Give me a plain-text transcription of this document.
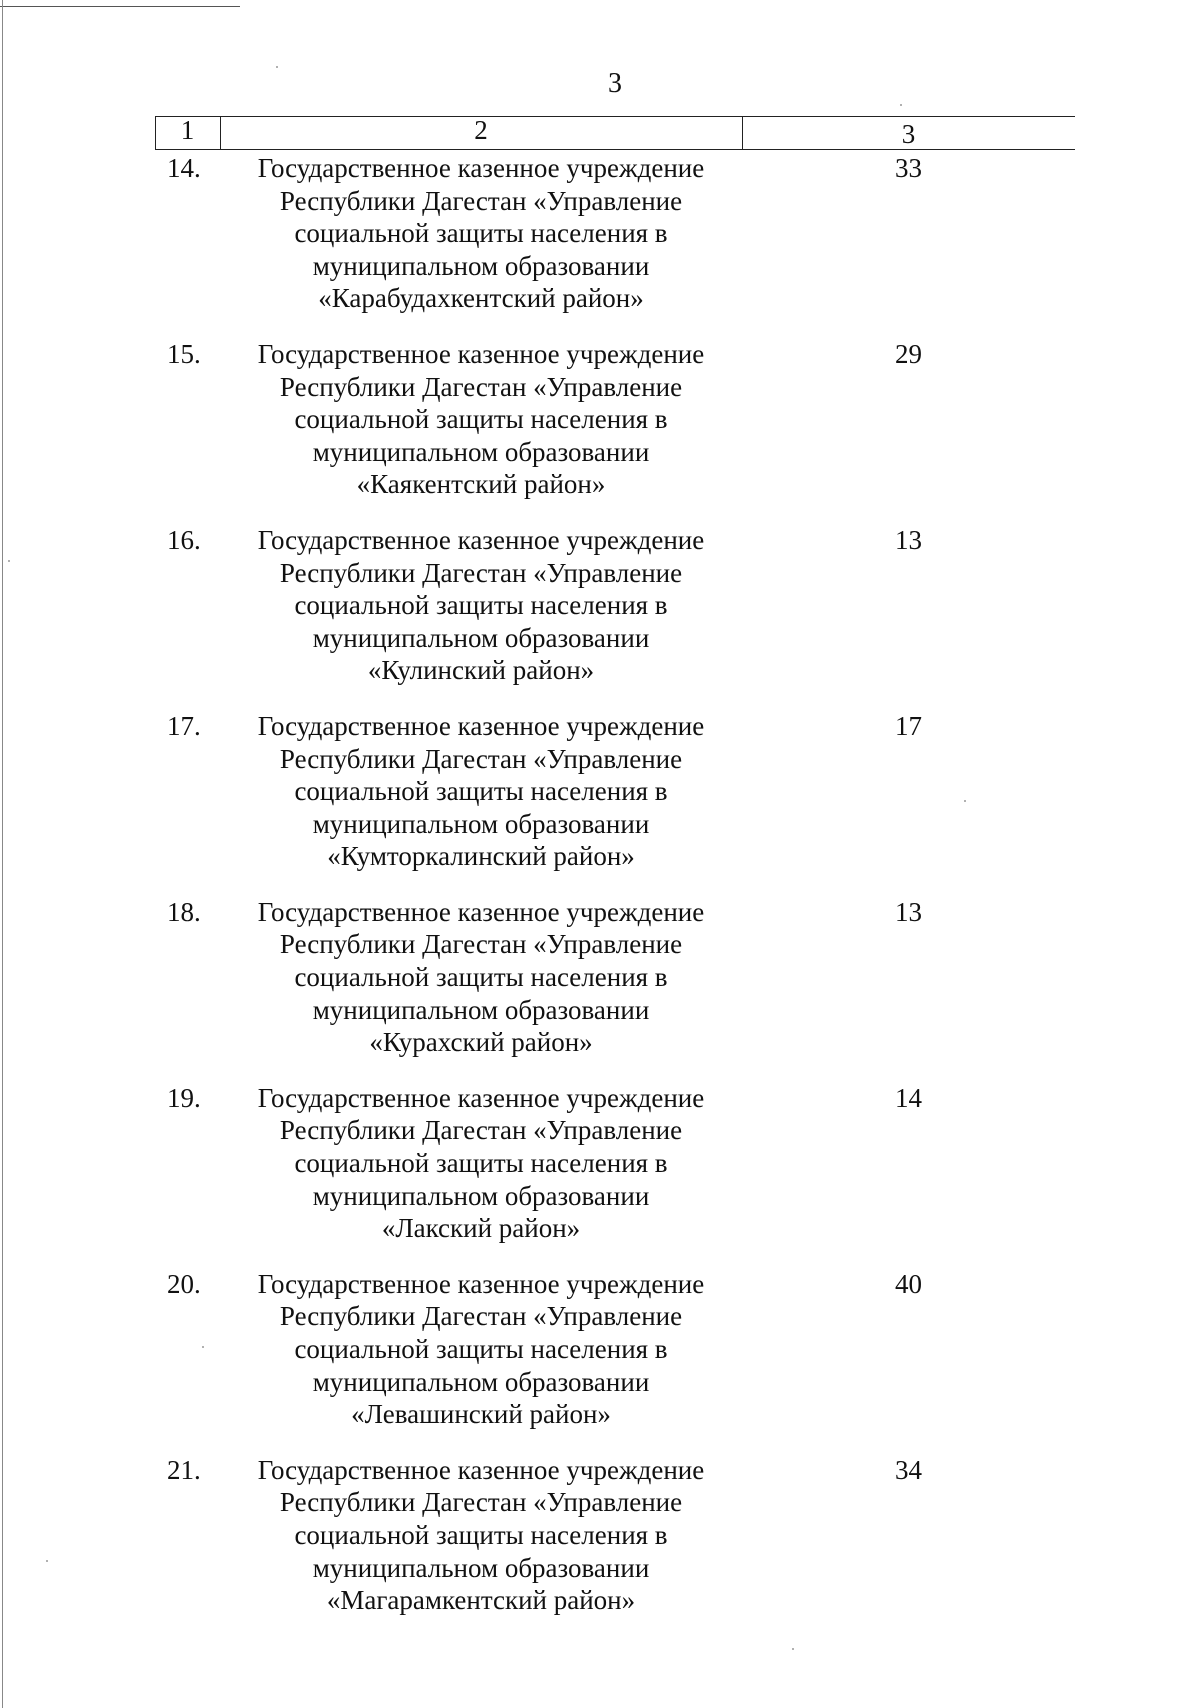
3
1	2	3
14.	Государственное казенное учреждение
Республики Дагестан «Управление
социальной защиты населения в
муниципальном образовании
«Карабудахкентский район»
33
15.	Государственное казенное учреждение
Республики Дагестан «Управление
социальной защиты населения в
муниципальном образовании
«Каякентский район»
29
16.	Государственное казенное учреждение
Республики Дагестан «Управление
социальной защиты населения в
муниципальном образовании
«Кулинский район»
13
17.	Государственное казенное учреждение
Республики Дагестан «Управление
социальной защиты населения в
муниципальном образовании
«Кумторкалинский район»
17
18.	Государственное казенное учреждение
Республики Дагестан «Управление
социальной защиты населения в
муниципальном образовании
«Курахский район»
13
19.	Государственное казенное учреждение
Республики Дагестан «Управление
социальной защиты населения в
муниципальном образовании
«Лакский район»
14
20.	Государственное казенное учреждение
Республики Дагестан «Управление
социальной защиты населения в
муниципальном образовании
«Левашинский район»
40
21.	Государственное казенное учреждение
Республики Дагестан «Управление
социальной защиты населения в
муниципальном образовании
«Магарамкентский район»
34
